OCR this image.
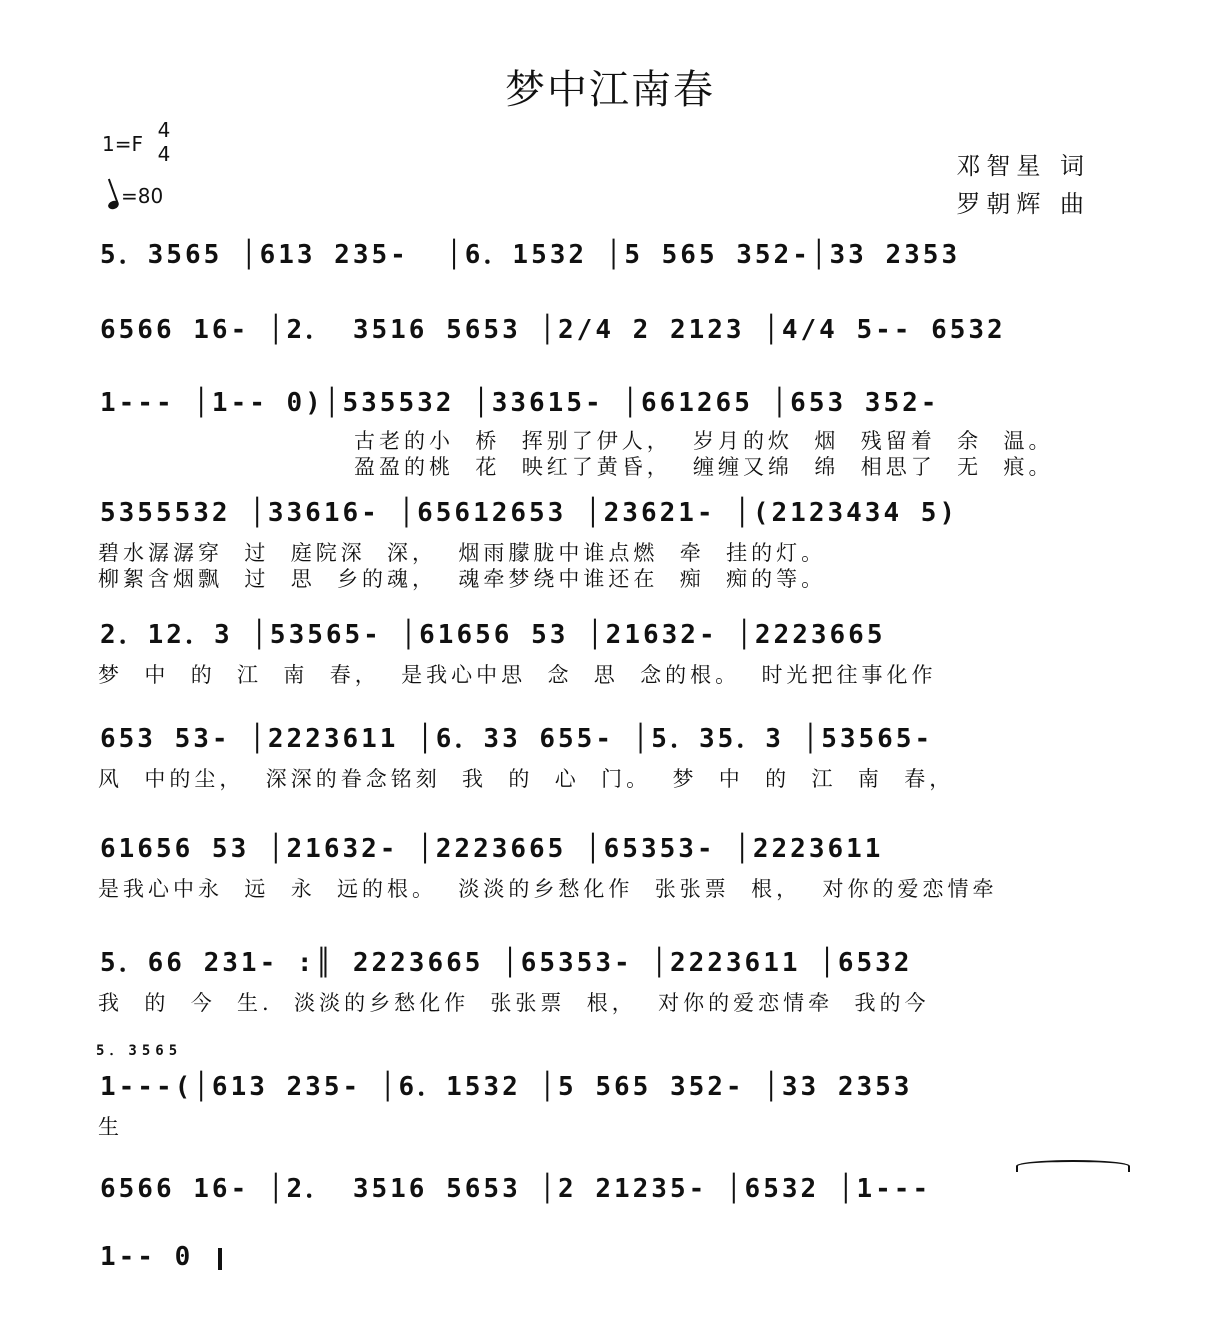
梦中江南春
1=F
4
4
=80
邓智星 词
罗朝辉 曲
5．3565 │613 235-  │6．1532 │5 565 352-│33 2353
6566 16- │2． 3516 5653 │2/4 2 2123 │4/4 5-- 6532
1--- │1-- 0)│535532 │33615- │661265 │653 352-
古老的小  桥  挥别了伊人，  岁月的炊  烟  残留着  余  温。
盈盈的桃  花  映红了黄昏，  缠缠又绵  绵  相思了  无  痕。
5355532 │33616- │65612653 │23621- │(2123434 5)
碧水潺潺穿  过  庭院深  深，  烟雨朦胧中谁点燃  牵  挂的灯。
柳絮含烟飘  过  思  乡的魂，  魂牵梦绕中谁还在  痴  痴的等。
2．12．3 │53565- │61656 53 │21632- │2223665
梦  中  的  江  南  春，  是我心中思  念  思  念的根。  时光把往事化作
653 53- │2223611 │6．33 655- │5．35．3 │53565-
风  中的尘，  深深的眷念铭刻  我  的  心  门。  梦  中  的  江  南  春，
61656 53 │21632- │2223665 │65353- │2223611
是我心中永  远  永  远的根。  淡淡的乡愁化作  张张票  根，  对你的爱恋情牵
5．66 231- :║ 2223665 │65353- │2223611 │6532
我  的  今  生.  淡淡的乡愁化作  张张票  根，  对你的爱恋情牵  我的今
5．3565
1---(│613 235- │6．1532 │5 565 352- │33 2353
生
6566 16- │2． 3516 5653 │2 21235- │6532 │1---
1-- 0
